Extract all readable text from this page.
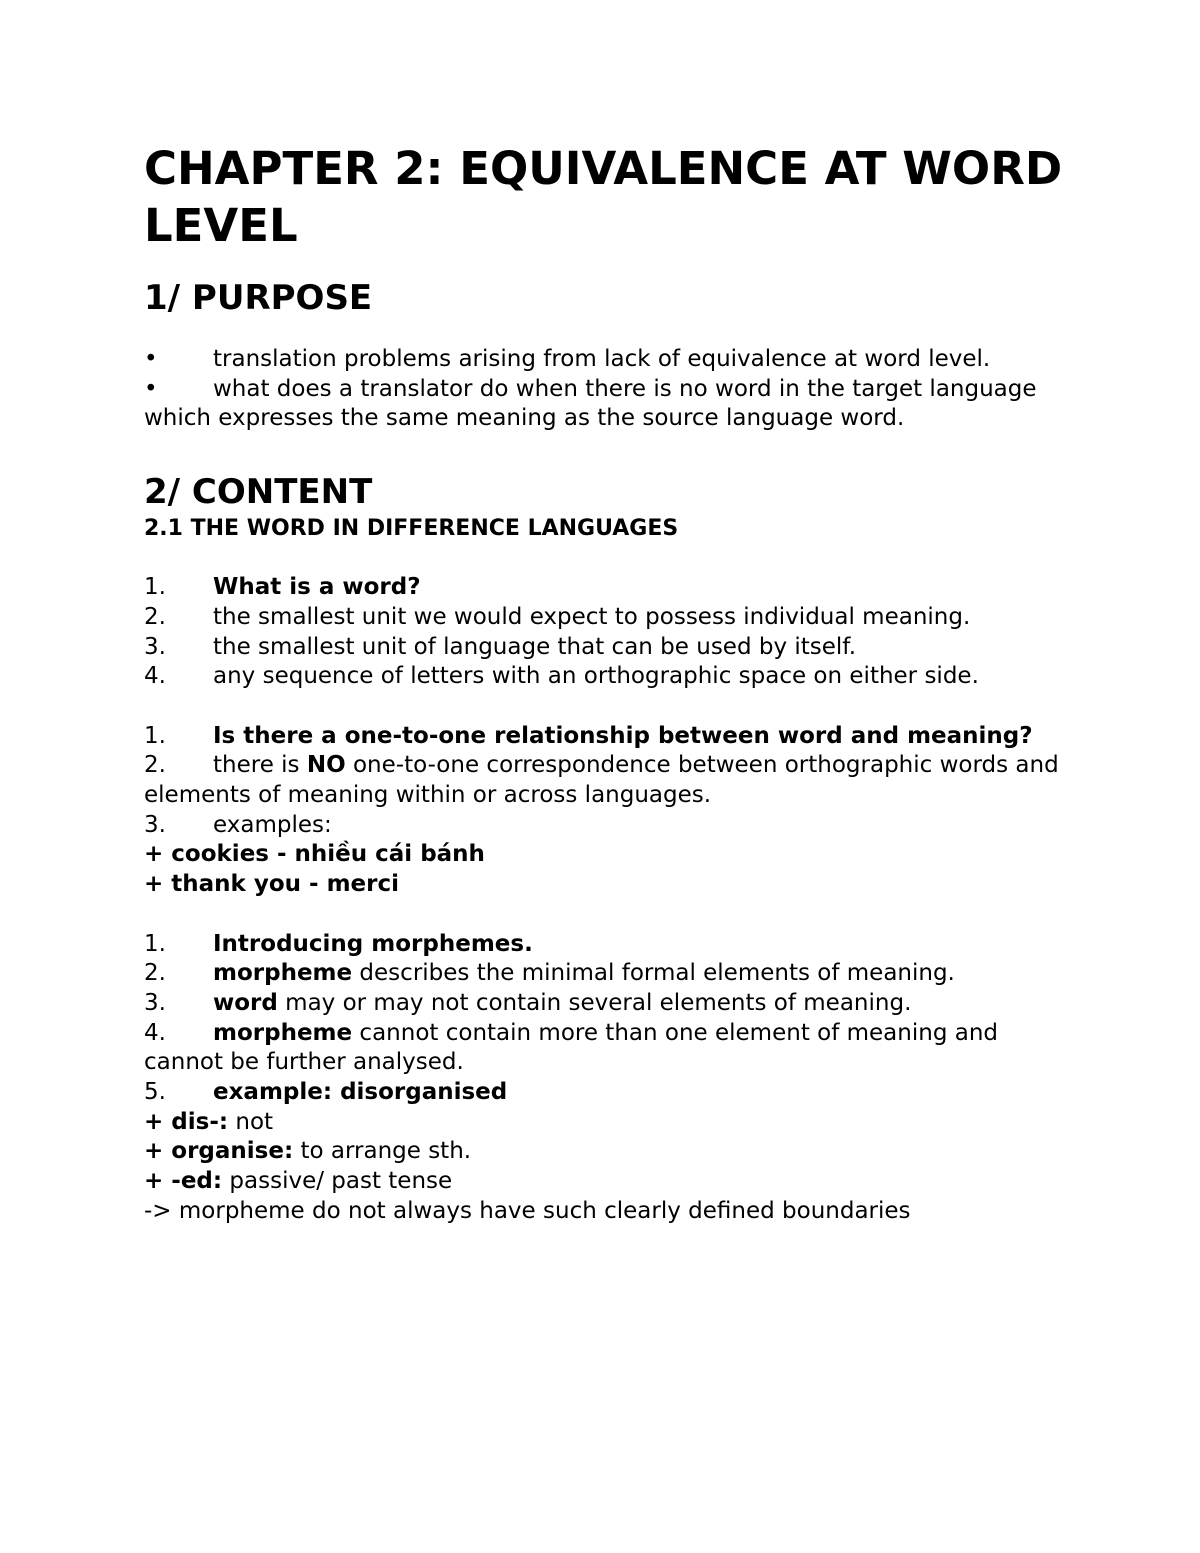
CHAPTER 2: EQUIVALENCE AT WORD LEVEL
1/ PURPOSE

• translation problems arising from lack of equivalence at word level.

• what does a translator do when there is no word in the target language which expresses the same meaning as the source language word.

2/ CONTENT
2.1 THE WORD IN DIFFERENCE LANGUAGES

1. What is a word?

2. the smallest unit we would expect to possess individual meaning.

3. the smallest unit of language that can be used by itself.

4. any sequence of letters with an orthographic space on either side.

1. Is there a one-to-one relationship between word and meaning?

2. there is NO one-to-one correspondence between orthographic words and elements of meaning within or across languages.

3. examples:

+ cookies - nhiều cái bánh

+ thank you - merci

1. Introducing morphemes.

2. morpheme describes the minimal formal elements of meaning.

3. word may or may not contain several elements of meaning.

4. morpheme cannot contain more than one element of meaning and cannot be further analysed.

5. example: disorganised

+ dis-: not

+ organise: to arrange sth.

+ -ed: passive/ past tense

-> morpheme do not always have such clearly defined boundaries
